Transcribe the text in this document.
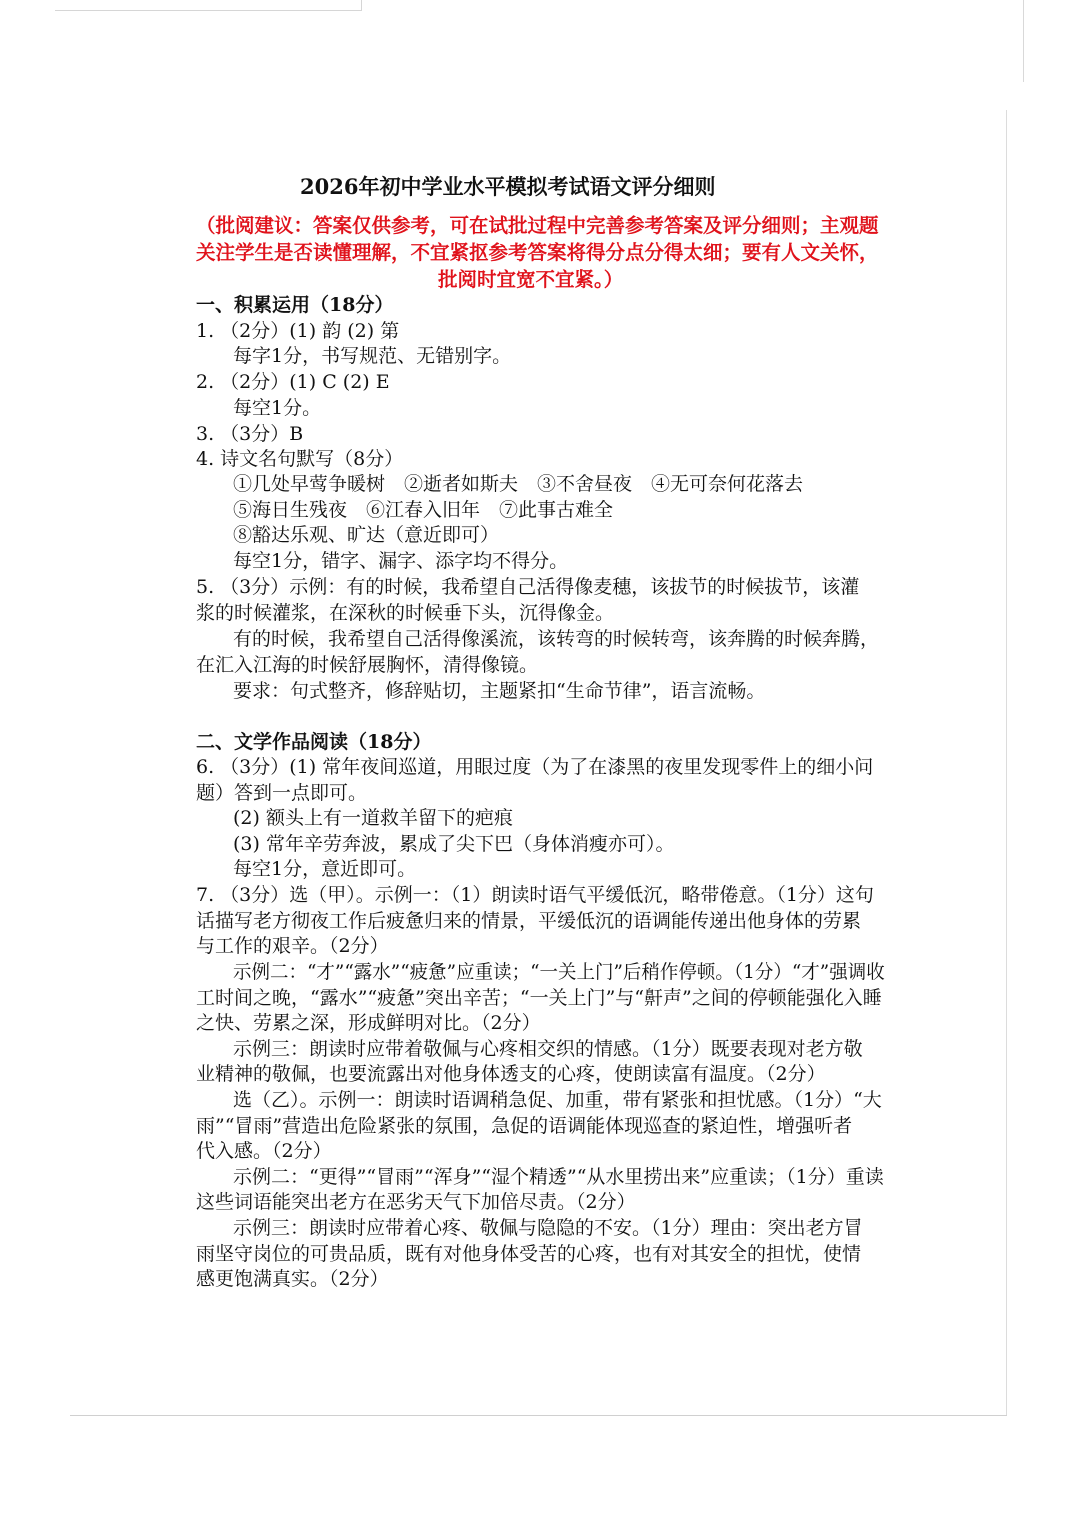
2026年初中学业水平模拟考试语文评分细则
（批阅建议：答案仅供参考，可在试批过程中完善参考答案及评分细则；主观题
关注学生是否读懂理解，不宜紧抠参考答案将得分点分得太细；要有人文关怀，
批阅时宜宽不宜紧。）
一、积累运用（18分）
1. （2分）(1) 韵 (2) 第
每字1分，书写规范、无错别字。
2. （2分）(1) C (2) E
每空1分。
3. （3分）B
4. 诗文名句默写（8分）
①几处早莺争暖树　②逝者如斯夫　③不舍昼夜　④无可奈何花落去
⑤海日生残夜　⑥江春入旧年　⑦此事古难全
⑧豁达乐观、旷达（意近即可）
每空1分，错字、漏字、添字均不得分。
5. （3分）示例：有的时候，我希望自己活得像麦穗，该拔节的时候拔节，该灌
浆的时候灌浆，在深秋的时候垂下头，沉得像金。
有的时候，我希望自己活得像溪流，该转弯的时候转弯，该奔腾的时候奔腾，
在汇入江海的时候舒展胸怀，清得像镜。
要求：句式整齐，修辞贴切，主题紧扣“生命节律”，语言流畅。
二、文学作品阅读（18分）
6. （3分）(1) 常年夜间巡道，用眼过度（为了在漆黑的夜里发现零件上的细小问
题）答到一点即可。
(2) 额头上有一道救羊留下的疤痕
(3) 常年辛劳奔波，累成了尖下巴（身体消瘦亦可）。
每空1分，意近即可。
7. （3分）选（甲）。示例一：（1）朗读时语气平缓低沉，略带倦意。（1分）这句
话描写老方彻夜工作后疲惫归来的情景，平缓低沉的语调能传递出他身体的劳累
与工作的艰辛。（2分）
示例二：“才”“露水”“疲惫”应重读；“一关上门”后稍作停顿。（1分）“才”强调收
工时间之晚，“露水”“疲惫”突出辛苦；“一关上门”与“鼾声”之间的停顿能强化入睡
之快、劳累之深，形成鲜明对比。（2分）
示例三：朗读时应带着敬佩与心疼相交织的情感。（1分）既要表现对老方敬
业精神的敬佩，也要流露出对他身体透支的心疼，使朗读富有温度。（2分）
选（乙）。示例一：朗读时语调稍急促、加重，带有紧张和担忧感。（1分）“大
雨”“冒雨”营造出危险紧张的氛围，急促的语调能体现巡查的紧迫性，增强听者
代入感。（2分）
示例二：“更得”“冒雨”“浑身”“湿个精透”“从水里捞出来”应重读；（1分）重读
这些词语能突出老方在恶劣天气下加倍尽责。（2分）
示例三：朗读时应带着心疼、敬佩与隐隐的不安。（1分）理由：突出老方冒
雨坚守岗位的可贵品质，既有对他身体受苦的心疼，也有对其安全的担忧，使情
感更饱满真实。（2分）
